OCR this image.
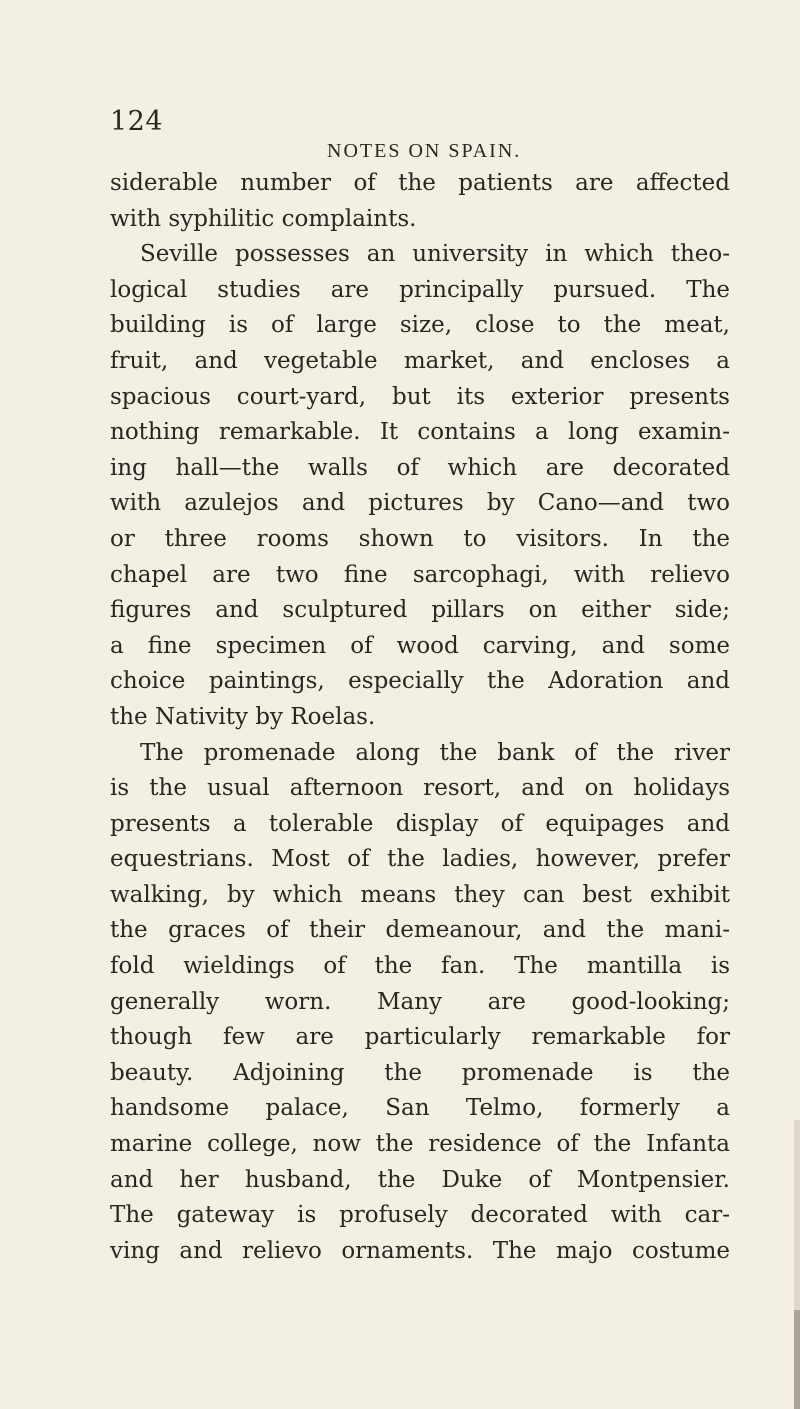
124
NOTES ON SPAIN.
siderable number of the patients are affected
with syphilitic complaints.
Seville possesses an university in which theo-
logical studies are principally pursued. The
building is of large size, close to the meat,
fruit, and vegetable market, and encloses a
spacious court-yard, but its exterior presents
nothing remarkable. It contains a long examin-
ing hall—the walls of which are decorated
with azulejos and pictures by Cano—and two
or three rooms shown to visitors. In the
chapel are two fine sarcophagi, with relievo
figures and sculptured pillars on either side;
a fine specimen of wood carving, and some
choice paintings, especially the Adoration and
the Nativity by Roelas.
The promenade along the bank of the river
is the usual afternoon resort, and on holidays
presents a tolerable display of equipages and
equestrians. Most of the ladies, however, prefer
walking, by which means they can best exhibit
the graces of their demeanour, and the mani-
fold wieldings of the fan. The mantilla is
generally worn. Many are good-looking;
though few are particularly remarkable for
beauty. Adjoining the promenade is the
handsome palace, San Telmo, formerly a
marine college, now the residence of the Infanta
and her husband, the Duke of Montpensier.
The gateway is profusely decorated with car-
ving and relievo ornaments. The majo costume
